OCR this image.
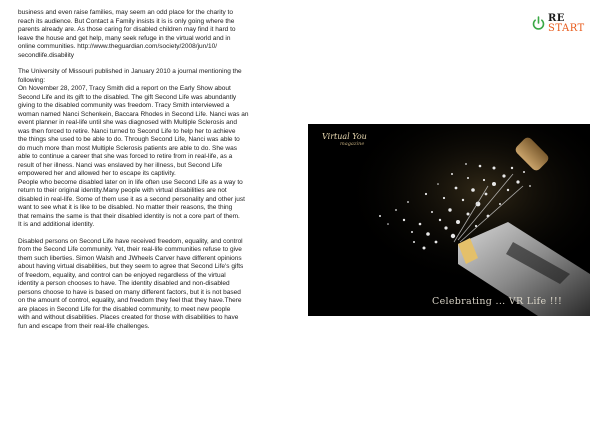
business and even raise families, may seem an odd place for the charity to
reach its audience. But Contact a Family insists it is is only going where the
parents already are. As those caring for disabled children may find it hard to
leave the house and get help, many seek refuge in the virtual world and in
online communities. http://www.theguardian.com/society/2008/jun/10/
secondlife.disability

The University of Missouri published in January 2010 a journal mentioning the
following:
On November 28, 2007, Tracy Smith did a report on the Early Show about
Second Life and its gift to the disabled. The gift Second Life was abundantly
giving to the disabled community was freedom. Tracy Smith interviewed a
woman named Nanci Schenkein, Baccara Rhodes in Second Life. Nanci was an
event planner in real-life until she was diagnosed with Multiple Sclerosis and
was then forced to retire. Nanci turned to Second Life to help her to achieve
the things she used to be able to do. Through Second Life, Nanci was able to
do much more than most Multiple Sclerosis patients are able to do. She was
able to continue a career that she was forced to retire from in real-life, as a
result of her illness. Nanci was enslaved by her illness, but Second Life
empowered her and allowed her to escape its captivity.
People who become disabled later on in life often use Second Life as a way to
return to their original identity.Many people with virtual disabilities are not
disabled in real-life. Some of them use it as a second personality and other just
want to see what it is like to be disabled. No matter their reasons, the thing
that remains the same is that their disabled identity is not a core part of them.
It is and additional identity.

Disabled persons on Second Life have received freedom, equality, and control
from the Second Life community. Yet, their real-life communities refuse to give
them such liberties. Simon Walsh and JWheels Carver have different opinions
about having virtual disabilities, but they seem to agree that Second Life's gifts
of freedom, equality, and control can be enjoyed regardless of the virtual
identity a person chooses to have. The identity disabled and non-disabled
persons choose to have is based on many different factors, but it is not based
on the amount of control, equality, and freedom they feel that they have.There
are places in Second Life for the disabled community, to meet new people
with and without disabilities. Places created for those with disabilities to have
fun and escape from their real-life challenges.

RE
START
Virtual You
magazine
Celebrating ... VR Life !!!
